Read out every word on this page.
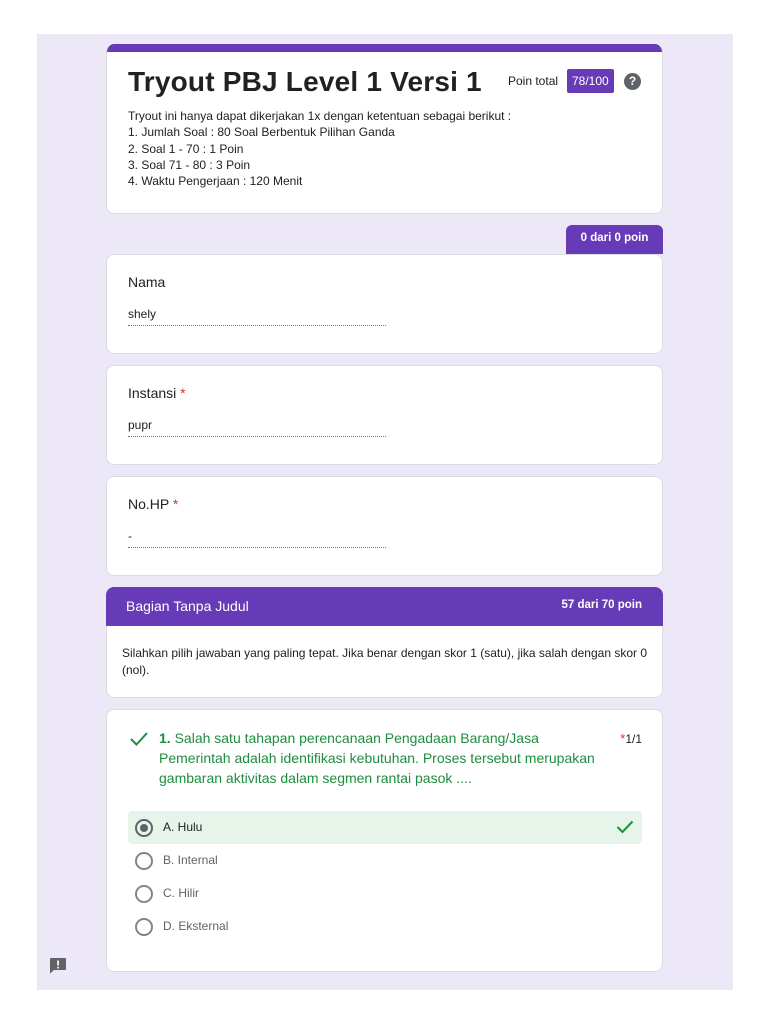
Tryout PBJ Level 1 Versi 1 Poin total	78/100	?
Tryout ini hanya dapat dikerjakan 1x dengan ketentuan sebagai berikut :
1. Jumlah Soal : 80 Soal Berbentuk Pilihan Ganda
2. Soal 1 - 70 : 1 Poin
3. Soal 71 - 80 : 3 Poin
4. Waktu Pengerjaan : 120 Menit
0 dari 0 poin
Nama
shely
Instansi *
pupr
No.HP *
-
Bagian Tanpa Judul	57 dari 70 poin
Silahkan pilih jawaban yang paling tepat. Jika benar dengan skor 1 (satu), jika salah dengan skor 0 (nol).
1. Salah satu tahapan perencanaan Pengadaan Barang/Jasa Pemerintah adalah identifikasi kebutuhan. Proses tersebut merupakan gambaran aktivitas dalam segmen rantai pasok ....
*1/1
A. Hulu
B. Internal
C. Hilir
D. Eksternal
